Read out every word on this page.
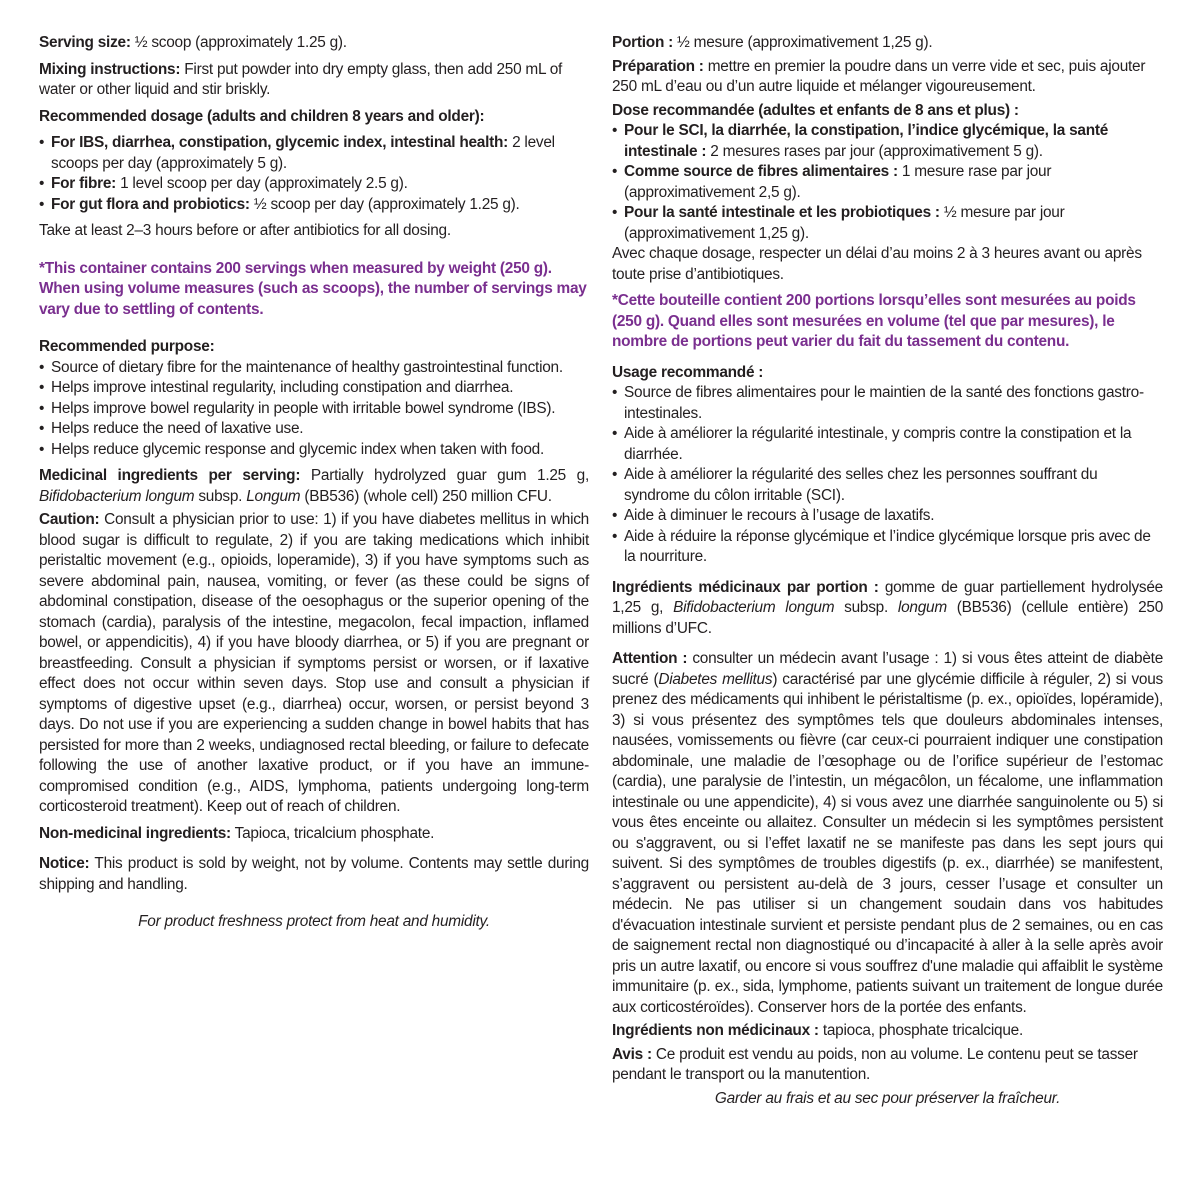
Serving size: ½ scoop (approximately 1.25 g).

Mixing instructions: First put powder into dry empty glass, then add 250 mL of water or other liquid and stir briskly.

Recommended dosage (adults and children 8 years and older):

• For IBS, diarrhea, constipation, glycemic index, intestinal health: 2 level scoops per day (approximately 5 g).
• For fibre: 1 level scoop per day (approximately 2.5 g).
• For gut flora and probiotics: ½ scoop per day (approximately 1.25 g).

Take at least 2–3 hours before or after antibiotics for all dosing.

*This container contains 200 servings when measured by weight (250 g). When using volume measures (such as scoops), the number of servings may vary due to settling of contents.

Recommended purpose:

• Source of dietary fibre for the maintenance of healthy gastrointestinal function.
• Helps improve intestinal regularity, including constipation and diarrhea.
• Helps improve bowel regularity in people with irritable bowel syndrome (IBS).
• Helps reduce the need of laxative use.
• Helps reduce glycemic response and glycemic index when taken with food.

Medicinal ingredients per serving: Partially hydrolyzed guar gum 1.25 g, Bifidobacterium longum subsp. Longum (BB536) (whole cell) 250 million CFU.

Caution: Consult a physician prior to use: 1) if you have diabetes mellitus in which blood sugar is difficult to regulate, 2) if you are taking medications which inhibit peristaltic movement (e.g., opioids, loperamide), 3) if you have symptoms such as severe abdominal pain, nausea, vomiting, or fever (as these could be signs of abdominal constipation, disease of the oesophagus or the superior opening of the stomach (cardia), paralysis of the intestine, megacolon, fecal impaction, inflamed bowel, or appendicitis), 4) if you have bloody diarrhea, or 5) if you are pregnant or breastfeeding. Consult a physician if symptoms persist or worsen, or if laxative effect does not occur within seven days. Stop use and consult a physician if symptoms of digestive upset (e.g., diarrhea) occur, worsen, or persist beyond 3 days. Do not use if you are experiencing a sudden change in bowel habits that has persisted for more than 2 weeks, undiagnosed rectal bleeding, or failure to defecate following the use of another laxative product, or if you have an immune-compromised condition (e.g., AIDS, lymphoma, patients undergoing long-term corticosteroid treatment). Keep out of reach of children.

Non-medicinal ingredients: Tapioca, tricalcium phosphate.

Notice: This product is sold by weight, not by volume. Contents may settle during shipping and handling.

For product freshness protect from heat and humidity.

Portion : ½ mesure (approximativement 1,25 g).

Préparation : mettre en premier la poudre dans un verre vide et sec, puis ajouter 250 mL d’eau ou d’un autre liquide et mélanger vigoureusement.

Dose recommandée (adultes et enfants de 8 ans et plus) :

• Pour le SCI, la diarrhée, la constipation, l’indice glycémique, la santé intestinale : 2 mesures rases par jour (approximativement 5 g).
• Comme source de fibres alimentaires : 1 mesure rase par jour (approximativement 2,5 g).
• Pour la santé intestinale et les probiotiques : ½ mesure par jour (approximativement 1,25 g).

Avec chaque dosage, respecter un délai d’au moins 2 à 3 heures avant ou après toute prise d’antibiotiques.

*Cette bouteille contient 200 portions lorsqu’elles sont mesurées au poids (250 g). Quand elles sont mesurées en volume (tel que par mesures), le nombre de portions peut varier du fait du tassement du contenu.

Usage recommandé :

• Source de fibres alimentaires pour le maintien de la santé des fonctions gastro-intestinales.
• Aide à améliorer la régularité intestinale, y compris contre la constipation et la diarrhée.
• Aide à améliorer la régularité des selles chez les personnes souffrant du syndrome du côlon irritable (SCI).
• Aide à diminuer le recours à l’usage de laxatifs.
• Aide à réduire la réponse glycémique et l’indice glycémique lorsque pris avec de la nourriture.

Ingrédients médicinaux par portion : gomme de guar partiellement hydrolysée 1,25 g, Bifidobacterium longum subsp. longum (BB536) (cellule entière) 250 millions d’UFC.

Attention : consulter un médecin avant l’usage : 1) si vous êtes atteint de diabète sucré (Diabetes mellitus) caractérisé par une glycémie difficile à réguler, 2) si vous prenez des médicaments qui inhibent le péristaltisme (p. ex., opioïdes, lopéramide), 3) si vous présentez des symptômes tels que douleurs abdominales intenses, nausées, vomissements ou fièvre (car ceux-ci pourraient indiquer une constipation abdominale, une maladie de l’œsophage ou de l’orifice supérieur de l’estomac (cardia), une paralysie de l’intestin, un mégacôlon, un fécalome, une inflammation intestinale ou une appendicite), 4) si vous avez une diarrhée sanguinolente ou 5) si vous êtes enceinte ou allaitez. Consulter un médecin si les symptômes persistent ou s'aggravent, ou si l’effet laxatif ne se manifeste pas dans les sept jours qui suivent. Si des symptômes de troubles digestifs (p. ex., diarrhée) se manifestent, s’aggravent ou persistent au-delà de 3 jours, cesser l’usage et consulter un médecin. Ne pas utiliser si un changement soudain dans vos habitudes d'évacuation intestinale survient et persiste pendant plus de 2 semaines, ou en cas de saignement rectal non diagnostiqué ou d’incapacité à aller à la selle après avoir pris un autre laxatif, ou encore si vous souffrez d'une maladie qui affaiblit le système immunitaire (p. ex., sida, lymphome, patients suivant un traitement de longue durée aux corticostéroïdes). Conserver hors de la portée des enfants.

Ingrédients non médicinaux : tapioca, phosphate tricalcique.

Avis : Ce produit est vendu au poids, non au volume. Le contenu peut se tasser pendant le transport ou la manutention.

Garder au frais et au sec pour préserver la fraîcheur.
